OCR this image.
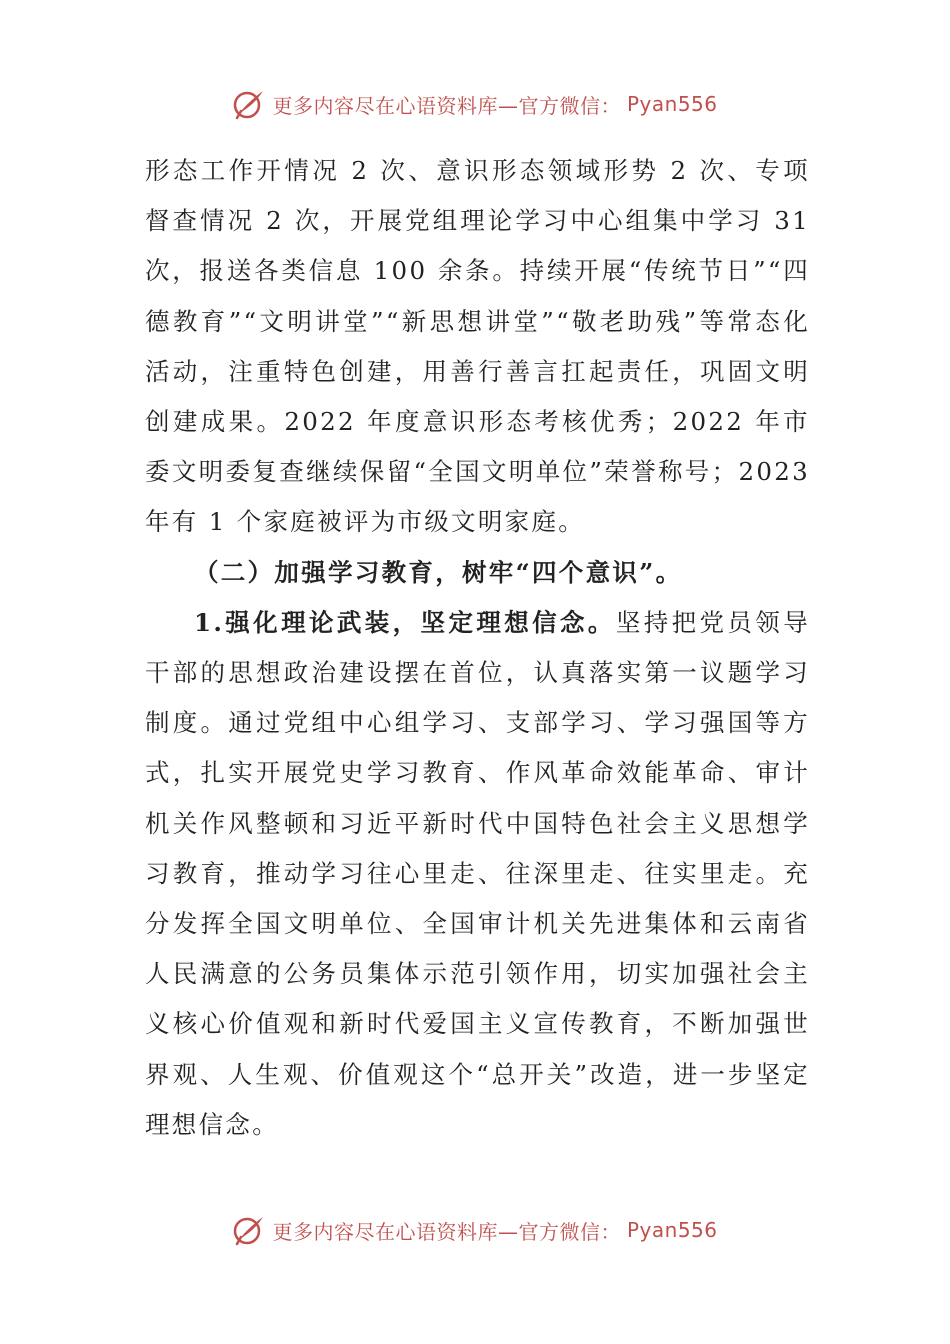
更多内容尽在心语资料库—官方微信： Pyan556

形态工作开情况 2 次、意识形态领域形势 2 次、专项督查情况 2 次，开展党组理论学习中心组集中学习 31 次，报送各类信息 100 余条。持续开展“传统节日”“四德教育”“文明讲堂”“新思想讲堂”“敬老助残”等常态化活动，注重特色创建，用善行善言扛起责任，巩固文明创建成果。2022 年度意识形态考核优秀；2022 年市委文明委复查继续保留“全国文明单位”荣誉称号；2023 年有 1 个家庭被评为市级文明家庭。

（二）加强学习教育，树牢“四个意识”。

1.强化理论武装，坚定理想信念。坚持把党员领导干部的思想政治建设摆在首位，认真落实第一议题学习制度。通过党组中心组学习、支部学习、学习强国等方式，扎实开展党史学习教育、作风革命效能革命、审计机关作风整顿和习近平新时代中国特色社会主义思想学习教育，推动学习往心里走、往深里走、往实里走。充分发挥全国文明单位、全国审计机关先进集体和云南省人民满意的公务员集体示范引领作用，切实加强社会主义核心价值观和新时代爱国主义宣传教育，不断加强世界观、人生观、价值观这个“总开关”改造，进一步坚定理想信念。

更多内容尽在心语资料库—官方微信： Pyan556
